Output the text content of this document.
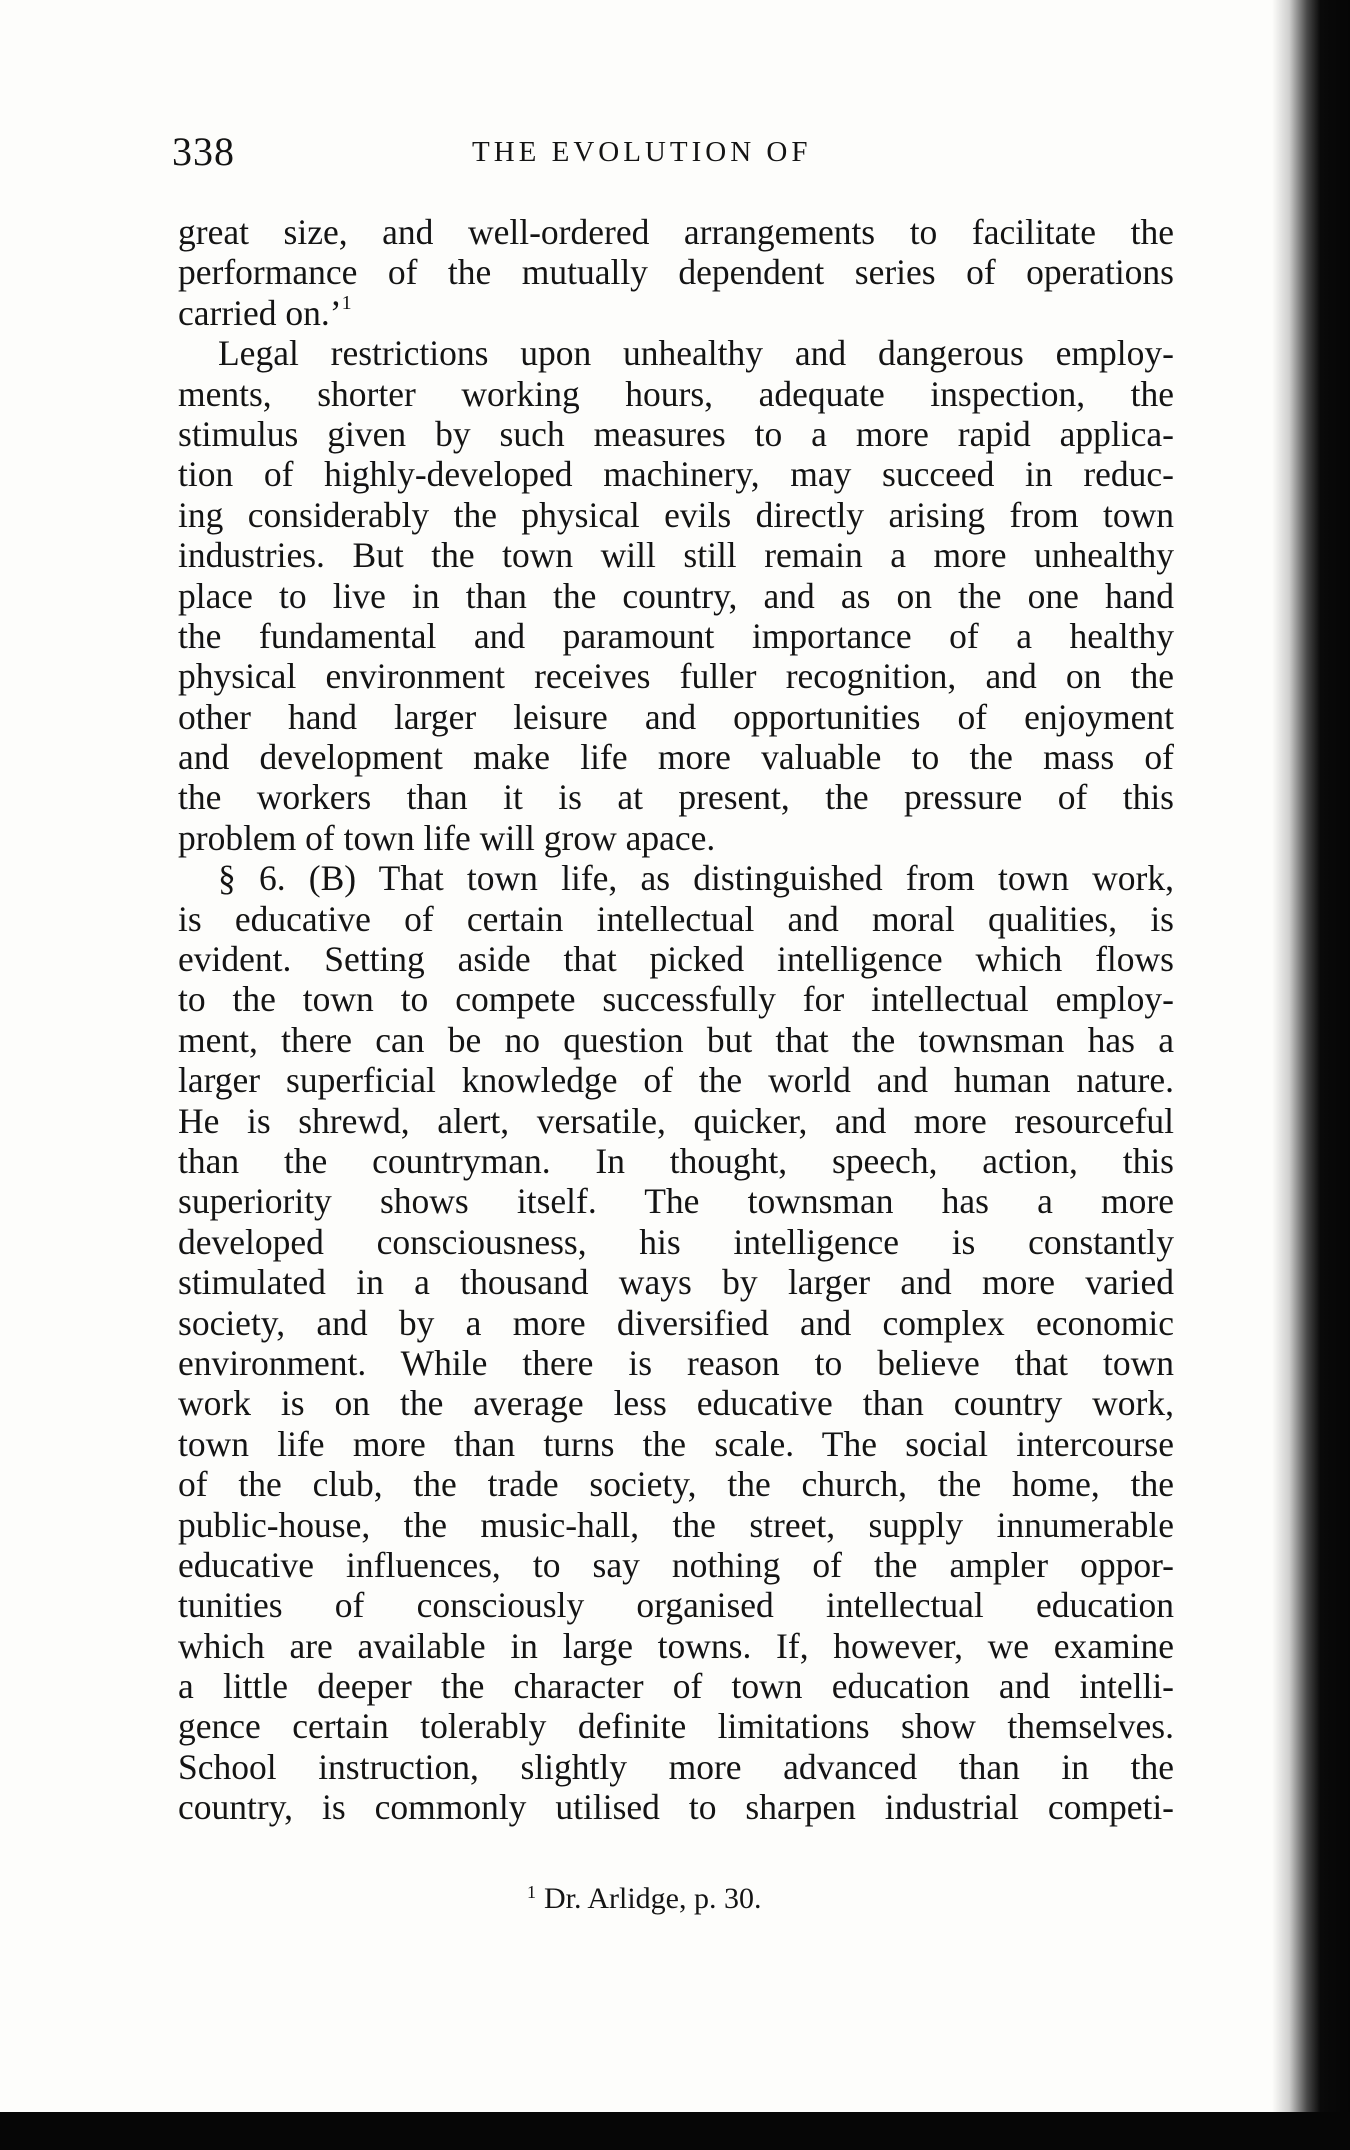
338	THE EVOLUTION OF
great size, and well-ordered arrangements to facilitate the
performance of the mutually dependent series of operations
carried on.’$^1$
Legal restrictions upon unhealthy and dangerous employ-
ments, shorter working hours, adequate inspection, the
stimulus given by such measures to a more rapid applica-
tion of highly-developed machinery, may succeed in reduc-
ing considerably the physical evils directly arising from town
industries. But the town will still remain a more unhealthy
place to live in than the country, and as on the one hand
the fundamental and paramount importance of a healthy
physical environment receives fuller recognition, and on the
other hand larger leisure and opportunities of enjoyment
and development make life more valuable to the mass of
the workers than it is at present, the pressure of this
problem of town life will grow apace.
§ 6. (B) That town life, as distinguished from town work,
is educative of certain intellectual and moral qualities, is
evident. Setting aside that picked intelligence which flows
to the town to compete successfully for intellectual employ-
ment, there can be no question but that the townsman has a
larger superficial knowledge of the world and human nature.
He is shrewd, alert, versatile, quicker, and more resourceful
than the countryman. In thought, speech, action, this
superiority shows itself. The townsman has a more
developed consciousness, his intelligence is constantly
stimulated in a thousand ways by larger and more varied
society, and by a more diversified and complex economic
environment. While there is reason to believe that town
work is on the average less educative than country work,
town life more than turns the scale. The social intercourse
of the club, the trade society, the church, the home, the
public-house, the music-hall, the street, supply innumerable
educative influences, to say nothing of the ampler oppor-
tunities of consciously organised intellectual education
which are available in large towns. If, however, we examine
a little deeper the character of town education and intelli-
gence certain tolerably definite limitations show themselves.
School instruction, slightly more advanced than in the
country, is commonly utilised to sharpen industrial competi-
$^1$ Dr. Arlidge, p. 30.
